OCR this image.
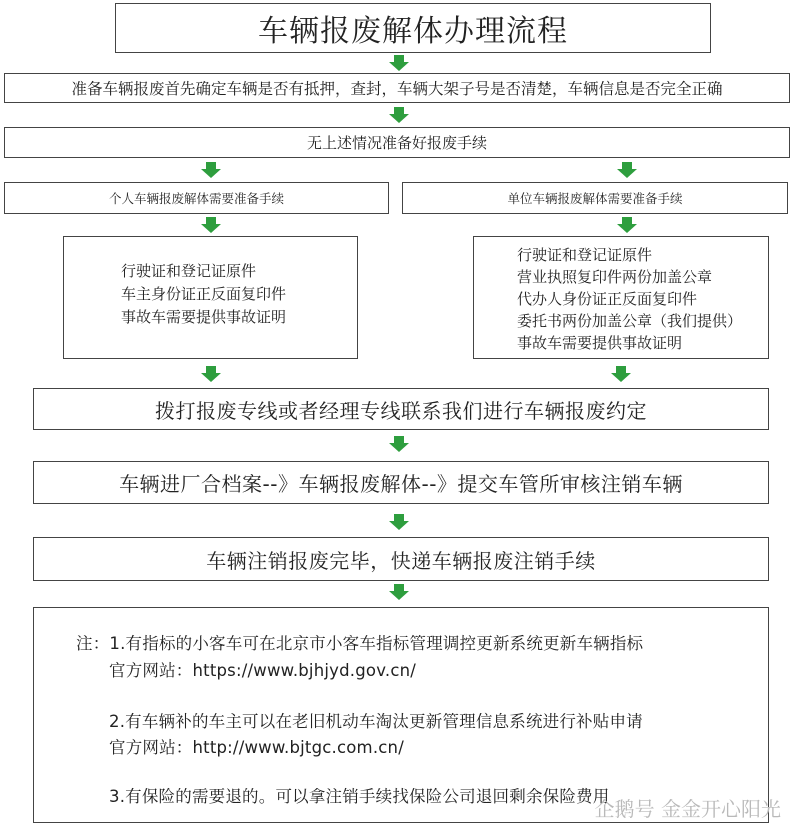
车辆报废解体办理流程
准备车辆报废首先确定车辆是否有抵押，查封，车辆大架子号是否清楚，车辆信息是否完全正确
无上述情况准备好报废手续
个人车辆报废解体需要准备手续
行驶证和登记证原件
车主身份证正反面复印件
事故车需要提供事故证明
单位车辆报废解体需要准备手续
行驶证和登记证原件
营业执照复印件两份加盖公章
代办人身份证正反面复印件
委托书两份加盖公章（我们提供）
事故车需要提供事故证明
拨打报废专线或者经理专线联系我们进行车辆报废约定
车辆进厂合档案--》车辆报废解体--》提交车管所审核注销车辆
车辆注销报废完毕，快递车辆报废注销手续
注：1.有指标的小客车可在北京市小客车指标管理调控更新系统更新车辆指标
官方网站：https://www.bjhjyd.gov.cn/
2.有车辆补的车主可以在老旧机动车淘汰更新管理信息系统进行补贴申请
官方网站：http://www.bjtgc.com.cn/
3.有保险的需要退的。可以拿注销手续找保险公司退回剩余保险费用
企鹅号 金金开心阳光
